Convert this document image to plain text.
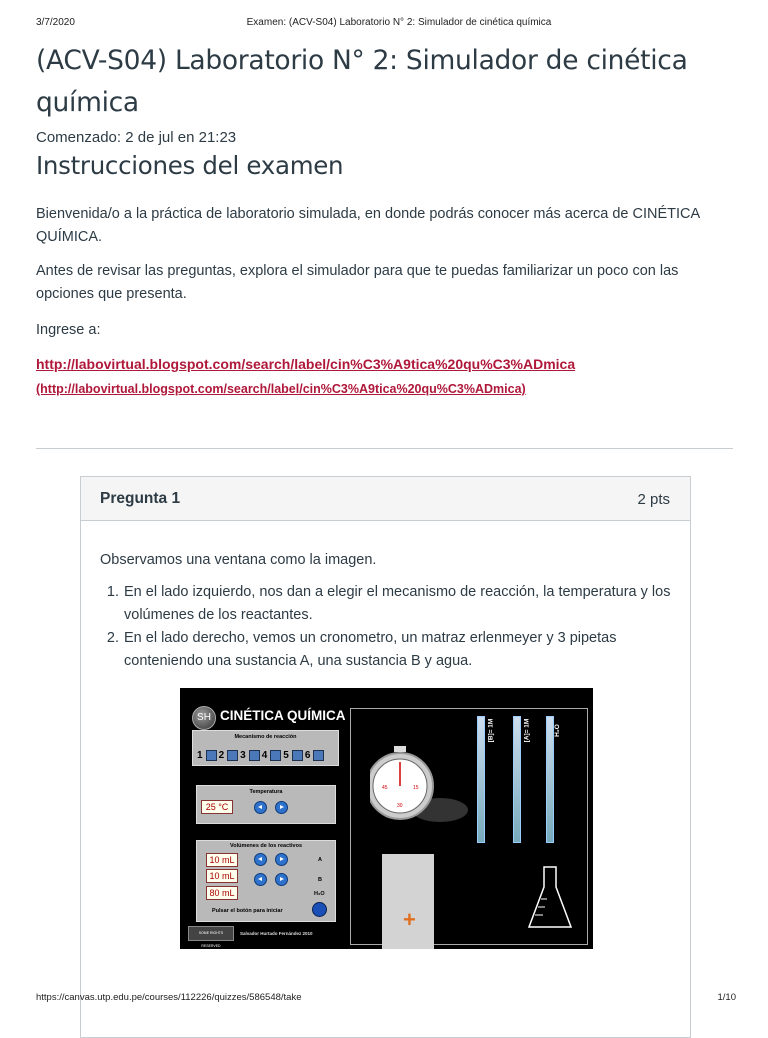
3/7/2020	Examen: (ACV-S04) Laboratorio N° 2: Simulador de cinética química
(ACV-S04) Laboratorio N° 2: Simulador de cinética química
Comenzado: 2 de jul en 21:23
Instrucciones del examen

Bienvenida/o a la práctica de laboratorio simulada, en donde podrás conocer más acerca de CINÉTICA QUÍMICA.

Antes de revisar las preguntas, explora el simulador para que te puedas familiarizar un poco con las opciones que presenta.

Ingrese a:

http://labovirtual.blogspot.com/search/label/cin%C3%A9tica%20qu%C3%ADmica
(http://labovirtual.blogspot.com/search/label/cin%C3%A9tica%20qu%C3%ADmica)
Pregunta 1	2 pts
Observamos una ventana como la imagen.
1. En el lado izquierdo, nos dan a elegir el mecanismo de reacción, la temperatura y los volúmenes de los reactantes.
2. En el lado derecho, vemos un cronometro, un matraz erlenmeyer y 3 pipetas conteniendo una sustancia A, una sustancia B y agua.
SH CINÉTICA QUÍMICA
Mecanismo de reacción
1 2 3 4 5 6
Temperatura
25 °C
Volúmenes de los reactivos
10 mL	A
10 mL	B
80 mL	H₂O
Pulsar el botón para iniciar
SOME RIGHTS RESERVED
Salvador Hurtado Fernández 2010
45	15
30
[B]= 1M	[A]= 1M	H₂O
+
https://canvas.utp.edu.pe/courses/112226/quizzes/586548/take	1/10
